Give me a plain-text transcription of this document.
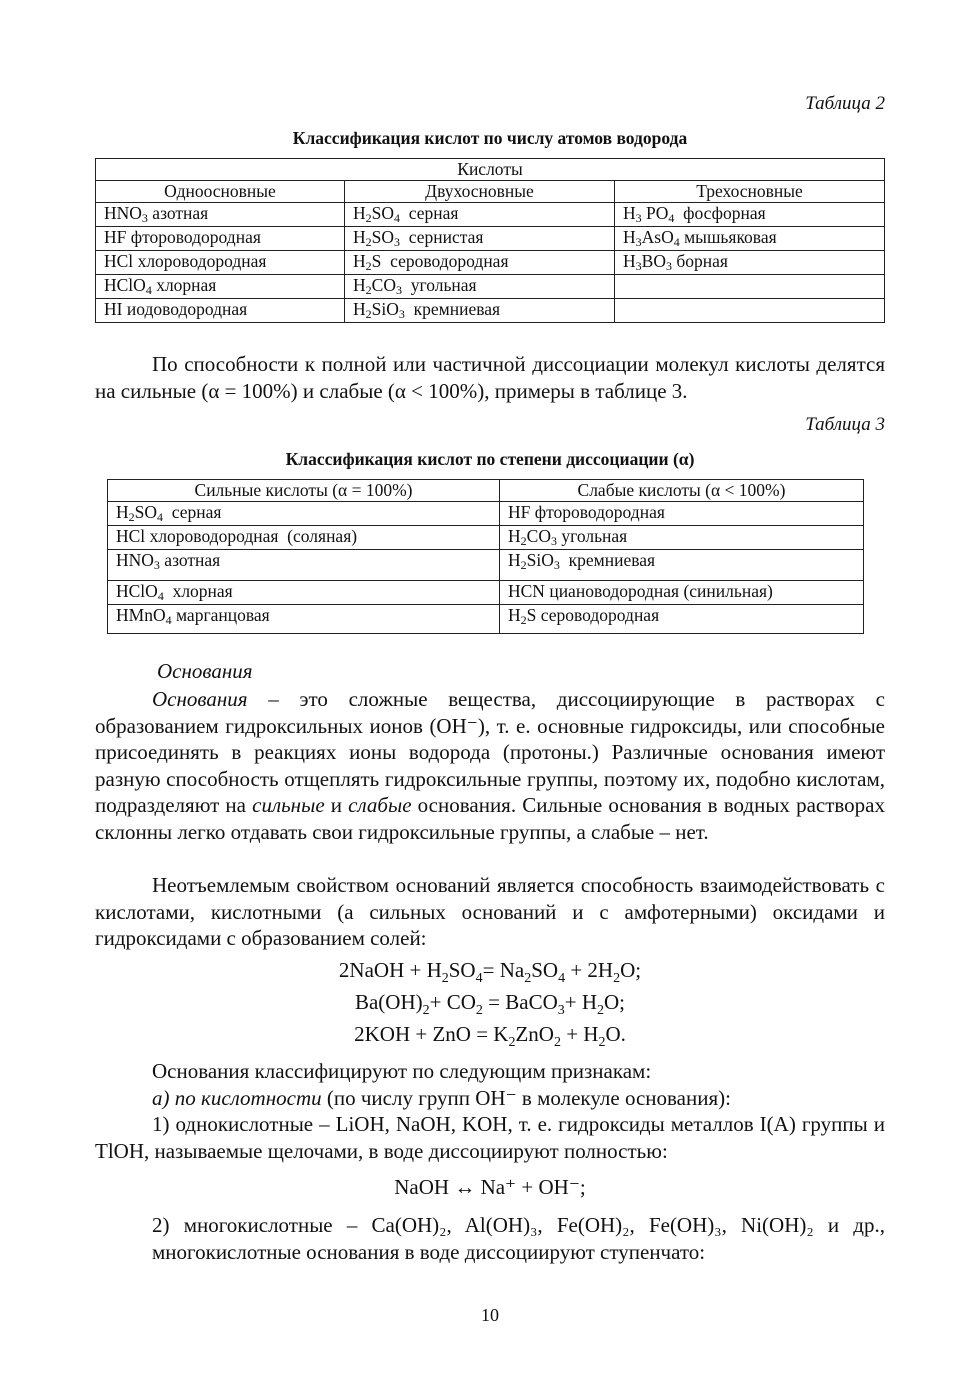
Таблица 2
Классификация кислот по числу атомов водорода
Кислоты		
Одноосновные	Двухосновные	Трехосновные
HNO3 азотная	H2SO4  серная	H3 PO4  фосфорная
HF фтороводородная	H2SO3  сернистая	H3AsO4 мышьяковая
HCl хлороводородная	H2S  сероводородная	H3BO3 борная
HClO4 хлорная	H2CO3  угольная	
HI иодоводородная	H2SiO3  кремниевая	

По способности к полной или частичной диссоциации молекул кислоты делятся на сильные (α = 100%) и слабые (α < 100%), примеры в таблице 3.

Таблица 3
Классификация кислот по степени диссоциации (α)
Сильные кислоты (α = 100%)	Слабые кислоты (α < 100%)
H2SO4  серная	HF фтороводородная
HCl хлороводородная  (соляная)	H2CO3 угольная
HNO3 азотная	H2SiO3  кремниевая
HClO4  хлорная	HCN циановодородная (синильная)
HMnO4 марганцовая	H2S сероводородная
Основания

Основания – это сложные вещества, диссоциирующие в растворах с образованием гидроксильных ионов (OH⁻), т. е. основные гидроксиды, или способные присоединять в реакциях ионы водорода (протоны.) Различные основания имеют разную способность отщеплять гидроксильные группы, поэтому их, подобно кислотам, подразделяют на сильные и слабые основания. Сильные основания в водных растворах склонны легко отдавать свои гидроксильные группы, а слабые – нет.

Неотъемлемым свойством оснований является способность взаимодействовать с кислотами, кислотными (а сильных оснований и с амфотерными) оксидами и гидроксидами с образованием солей:

2NaOH + $H_2SO_4= Na_2SO_4 + 2H_2O$;
$Ba(OH)_2+ CO_2$ = BaCO$_3$+ $H_2O$;
2KOH + ZnO = $K_2ZnO_2 + H_2O$.

Основания классифицируют по следующим признакам:

а) по кислотности (по числу групп OH⁻ в молекуле основания):

1) однокислотные – LiOH, NaOH, KOH, т. е. гидроксиды металлов I(A) группы и TlOH, называемые щелочами, в воде диссоциируют полностью:

NaOH ↔ Na⁺ + OH⁻;

2) многокислотные – Ca(OH)₂, Al(OH)₃, Fe(OH)₂, Fe(OH)₃, Ni(OH)₂ и др.,

многокислотные основания в воде диссоциируют ступенчато:

10
